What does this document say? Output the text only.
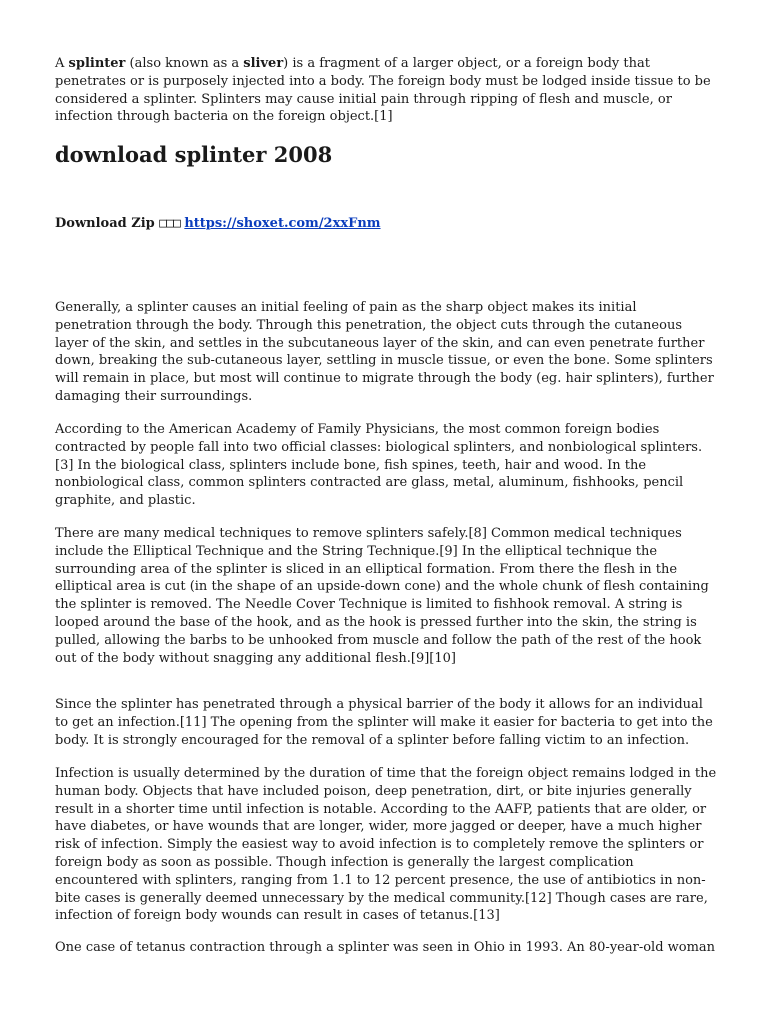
A splinter (also known as a sliver) is a fragment of a larger object, or a foreign body that penetrates or is purposely injected into a body. The foreign body must be lodged inside tissue to be considered a splinter. Splinters may cause initial pain through ripping of flesh and muscle, or infection through bacteria on the foreign object.[1]

download splinter 2008
Download Zip □□□ https://shoxet.com/2xxFnm

Generally, a splinter causes an initial feeling of pain as the sharp object makes its initial penetration through the body. Through this penetration, the object cuts through the cutaneous layer of the skin, and settles in the subcutaneous layer of the skin, and can even penetrate further down, breaking the sub-cutaneous layer, settling in muscle tissue, or even the bone. Some splinters will remain in place, but most will continue to migrate through the body (eg. hair splinters), further damaging their surroundings.

According to the American Academy of Family Physicians, the most common foreign bodies contracted by people fall into two official classes: biological splinters, and nonbiological splinters.[3] In the biological class, splinters include bone, fish spines, teeth, hair and wood. In the nonbiological class, common splinters contracted are glass, metal, aluminum, fishhooks, pencil graphite, and plastic.

There are many medical techniques to remove splinters safely.[8] Common medical techniques include the Elliptical Technique and the String Technique.[9] In the elliptical technique the surrounding area of the splinter is sliced in an elliptical formation. From there the flesh in the elliptical area is cut (in the shape of an upside-down cone) and the whole chunk of flesh containing the splinter is removed. The Needle Cover Technique is limited to fishhook removal. A string is looped around the base of the hook, and as the hook is pressed further into the skin, the string is pulled, allowing the barbs to be unhooked from muscle and follow the path of the rest of the hook out of the body without snagging any additional flesh.[9][10]

Since the splinter has penetrated through a physical barrier of the body it allows for an individual to get an infection.[11] The opening from the splinter will make it easier for bacteria to get into the body. It is strongly encouraged for the removal of a splinter before falling victim to an infection.

Infection is usually determined by the duration of time that the foreign object remains lodged in the human body. Objects that have included poison, deep penetration, dirt, or bite injuries generally result in a shorter time until infection is notable. According to the AAFP, patients that are older, or have diabetes, or have wounds that are longer, wider, more jagged or deeper, have a much higher risk of infection. Simply the easiest way to avoid infection is to completely remove the splinters or foreign body as soon as possible. Though infection is generally the largest complication encountered with splinters, ranging from 1.1 to 12 percent presence, the use of antibiotics in non-bite cases is generally deemed unnecessary by the medical community.[12] Though cases are rare, infection of foreign body wounds can result in cases of tetanus.[13]

One case of tetanus contraction through a splinter was seen in Ohio in 1993. An 80-year-old woman
